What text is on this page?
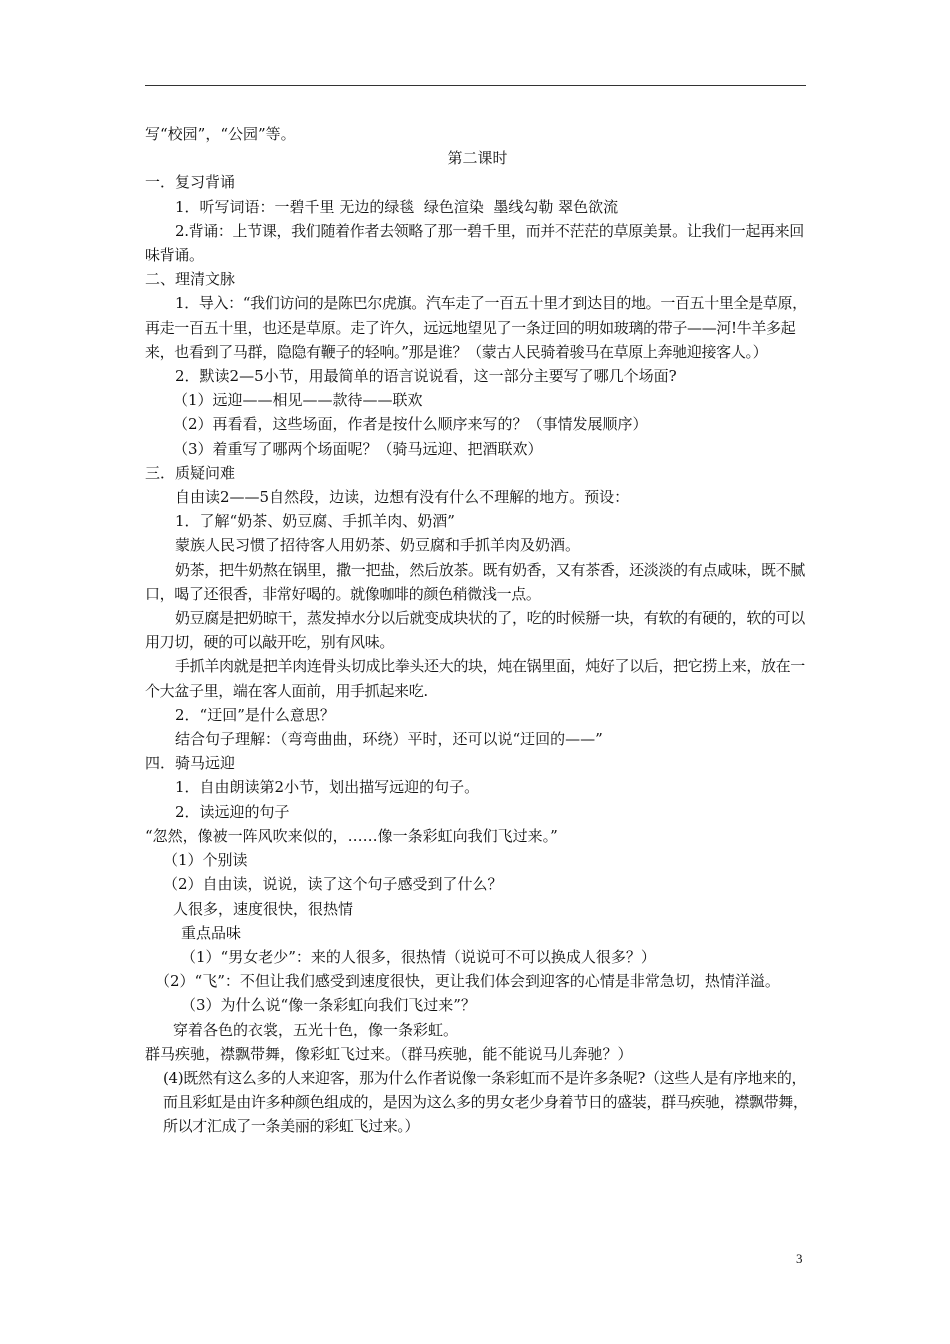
写“校园”，“公园”等。

第二课时

一．复习背诵

1．听写词语：一碧千里 无边的绿毯  绿色渲染  墨线勾勒 翠色欲流

2.背诵：上节课，我们随着作者去领略了那一碧千里，而并不茫茫的草原美景。让我们一起再来回味背诵。

二、理清文脉

1．导入：“我们访问的是陈巴尔虎旗。汽车走了一百五十里才到达目的地。一百五十里全是草原，再走一百五十里，也还是草原。走了许久，远远地望见了一条迂回的明如玻璃的带子——河!牛羊多起来，也看到了马群，隐隐有鞭子的轻响。”那是谁？（蒙古人民骑着骏马在草原上奔驰迎接客人。）

2．默读2—5小节，用最简单的语言说说看，这一部分主要写了哪几个场面?

（1）远迎——相见——款待——联欢

（2）再看看，这些场面，作者是按什么顺序来写的？（事情发展顺序）

（3）着重写了哪两个场面呢？（骑马远迎、把酒联欢）

三．质疑问难

自由读2——5自然段，边读，边想有没有什么不理解的地方。预设：

1．了解“奶茶、奶豆腐、手抓羊肉、奶酒”

蒙族人民习惯了招待客人用奶茶、奶豆腐和手抓羊肉及奶酒。

奶茶，把牛奶熬在锅里，撒一把盐，然后放茶。既有奶香，又有茶香，还淡淡的有点咸味，既不腻口，喝了还很香，非常好喝的。就像咖啡的颜色稍微浅一点。

奶豆腐是把奶晾干，蒸发掉水分以后就变成块状的了，吃的时候掰一块，有软的有硬的，软的可以用刀切，硬的可以敲开吃，别有风味。

手抓羊肉就是把羊肉连骨头切成比拳头还大的块，炖在锅里面，炖好了以后，把它捞上来，放在一个大盆子里，端在客人面前，用手抓起来吃.

2．“迂回”是什么意思？

结合句子理解：（弯弯曲曲，环绕）平时，还可以说“迂回的——”

四．骑马远迎

1．自由朗读第2小节，划出描写远迎的句子。

2．读远迎的句子

“忽然，像被一阵风吹来似的，……像一条彩虹向我们飞过来。”

（1）个别读

（2）自由读，说说，读了这个句子感受到了什么？

人很多，速度很快，很热情

重点品味

（1）“男女老少”：来的人很多，很热情（说说可不可以换成人很多？）

（2）“飞”：不但让我们感受到速度很快，更让我们体会到迎客的心情是非常急切，热情洋溢。

（3）为什么说“像一条彩虹向我们飞过来”？

穿着各色的衣裳，五光十色，像一条彩虹。

群马疾驰，襟飘带舞，像彩虹飞过来。（群马疾驰，能不能说马儿奔驰？）

(4)既然有这么多的人来迎客，那为什么作者说像一条彩虹而不是许多条呢?（这些人是有序地来的，而且彩虹是由许多种颜色组成的，是因为这么多的男女老少身着节日的盛装，群马疾驰，襟飘带舞，所以才汇成了一条美丽的彩虹飞过来。）

3
